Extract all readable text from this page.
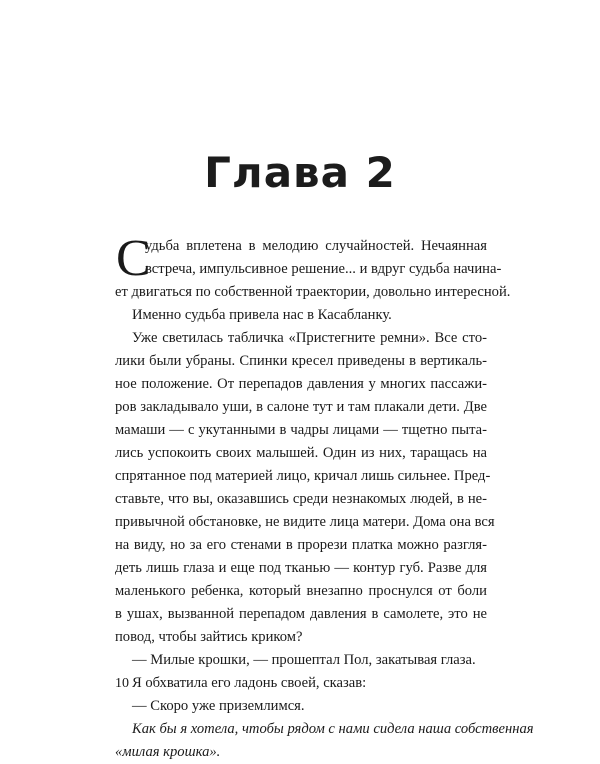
Глава 2
С
удьба вплетена в мелодию случайностей. Нечаянная
встреча, импульсивное решение... и вдруг судьба начина-
ет двигаться по собственной траектории, довольно интересной.
Именно судьба привела нас в Касабланку.
Уже светилась табличка «Пристегните ремни». Все сто-
лики были убраны. Спинки кресел приведены в вертикаль-
ное положение. От перепадов давления у многих пассажи-
ров закладывало уши, в салоне тут и там плакали дети. Две
мамаши — с укутанными в чадры лицами — тщетно пыта-
лись успокоить своих малышей. Один из них, таращась на
спрятанное под материей лицо, кричал лишь сильнее. Пред-
ставьте, что вы, оказавшись среди незнакомых людей, в не-
привычной обстановке, не видите лица матери. Дома она вся
на виду, но за его стенами в прорези платка можно разгля-
деть лишь глаза и еще под тканью — контур губ. Разве для
маленького ребенка, который внезапно проснулся от боли
в ушах, вызванной перепадом давления в самолете, это не
повод, чтобы зайтись криком?
— Милые крошки, — прошептал Пол, закатывая глаза.
Я обхватила его ладонь своей, сказав:
— Скоро уже приземлимся.
Как бы я хотела, чтобы рядом с нами сидела наша собственная
«милая крошка».
10
